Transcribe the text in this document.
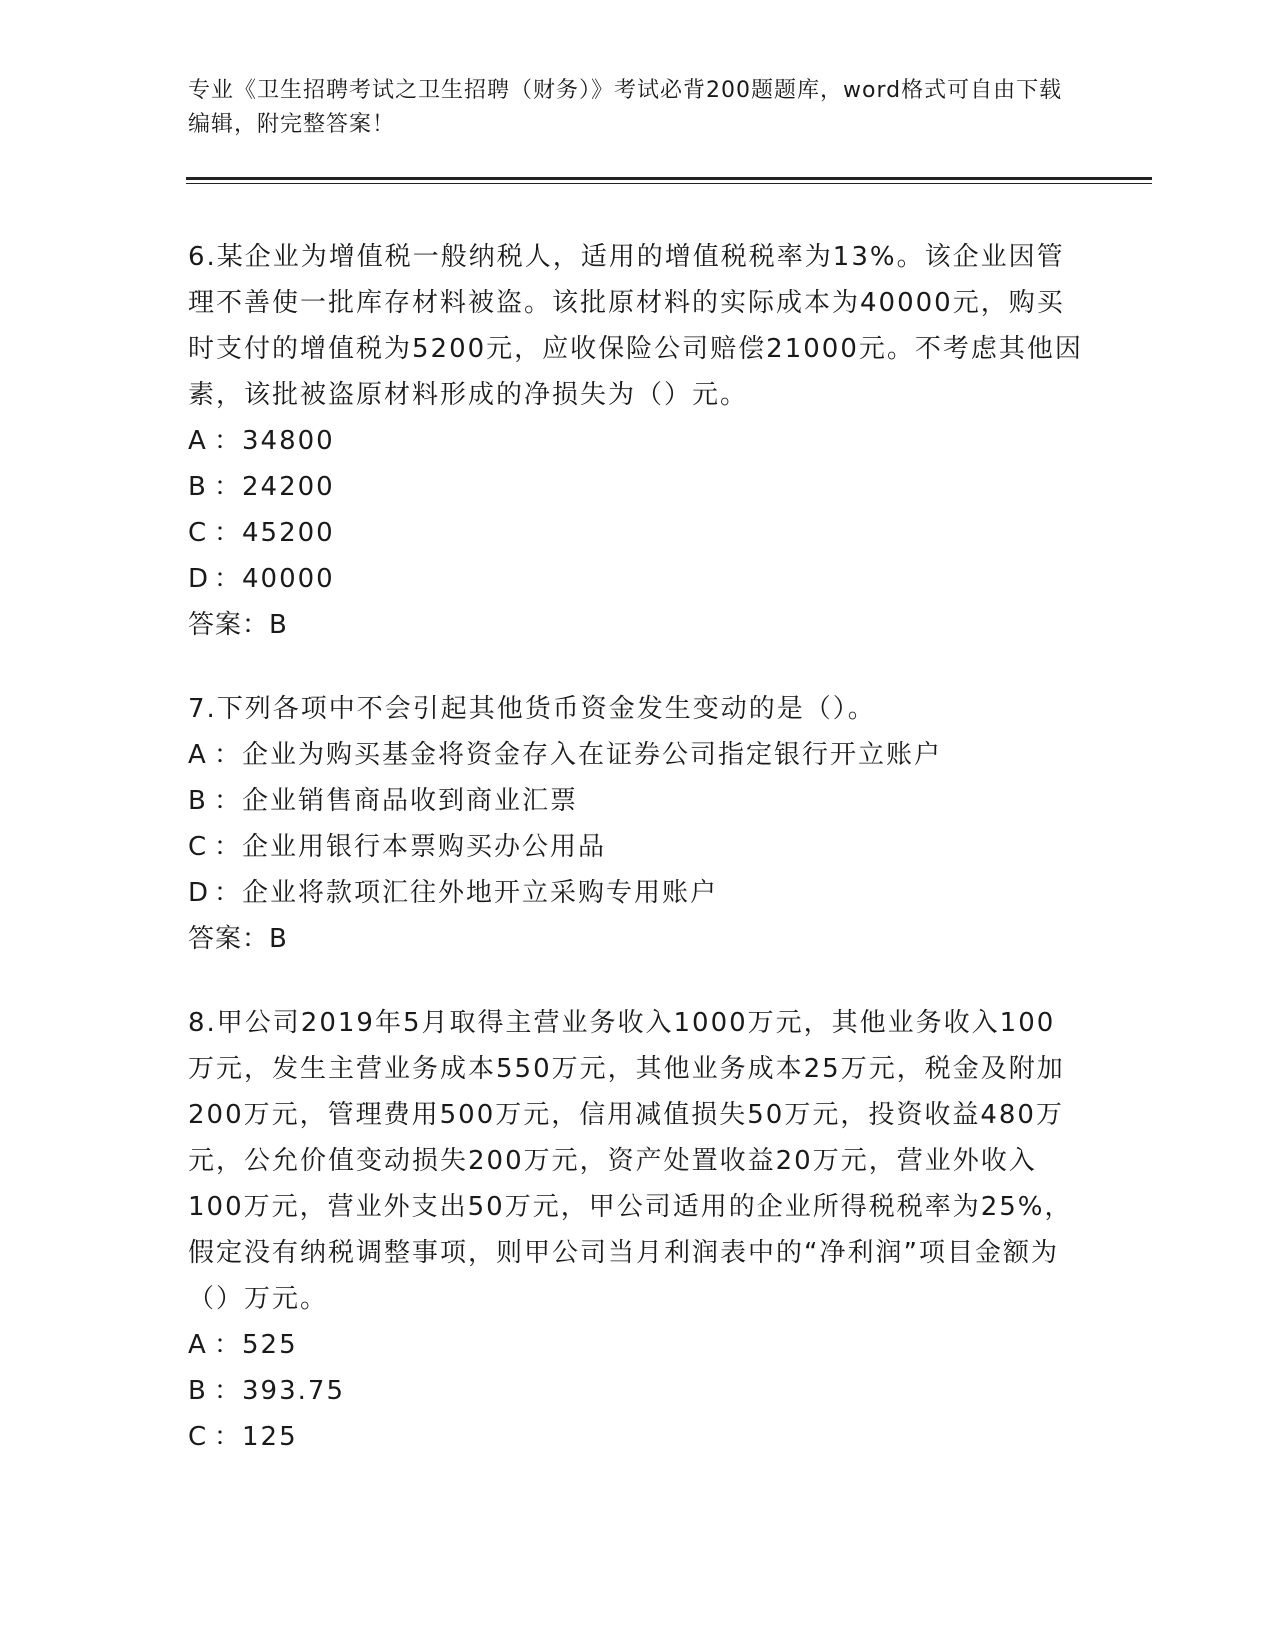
专业《卫生招聘考试之卫生招聘（财务）》考试必背200题题库，word格式可自由下载编辑，附完整答案！

6.某企业为增值税一般纳税人，适用的增值税税率为13%。该企业因管理不善使一批库存材料被盗。该批原材料的实际成本为40000元，购买时支付的增值税为5200元，应收保险公司赔偿21000元。不考虑其他因素，该批被盗原材料形成的净损失为（）元。

A ：34800

B ：24200

C ：45200

D ：40000

答案：B

7.下列各项中不会引起其他货币资金发生变动的是（）。

A ：企业为购买基金将资金存入在证券公司指定银行开立账户

B ：企业销售商品收到商业汇票

C ：企业用银行本票购买办公用品

D ：企业将款项汇往外地开立采购专用账户

答案：B

8.甲公司2019年5月取得主营业务收入1000万元，其他业务收入100万元，发生主营业务成本550万元，其他业务成本25万元，税金及附加200万元，管理费用500万元，信用减值损失50万元，投资收益480万元，公允价值变动损失200万元，资产处置收益20万元，营业外收入100万元，营业外支出50万元，甲公司适用的企业所得税税率为25%，假定没有纳税调整事项，则甲公司当月利润表中的“净利润”项目金额为（）万元。

A ：525

B ：393.75

C ：125
